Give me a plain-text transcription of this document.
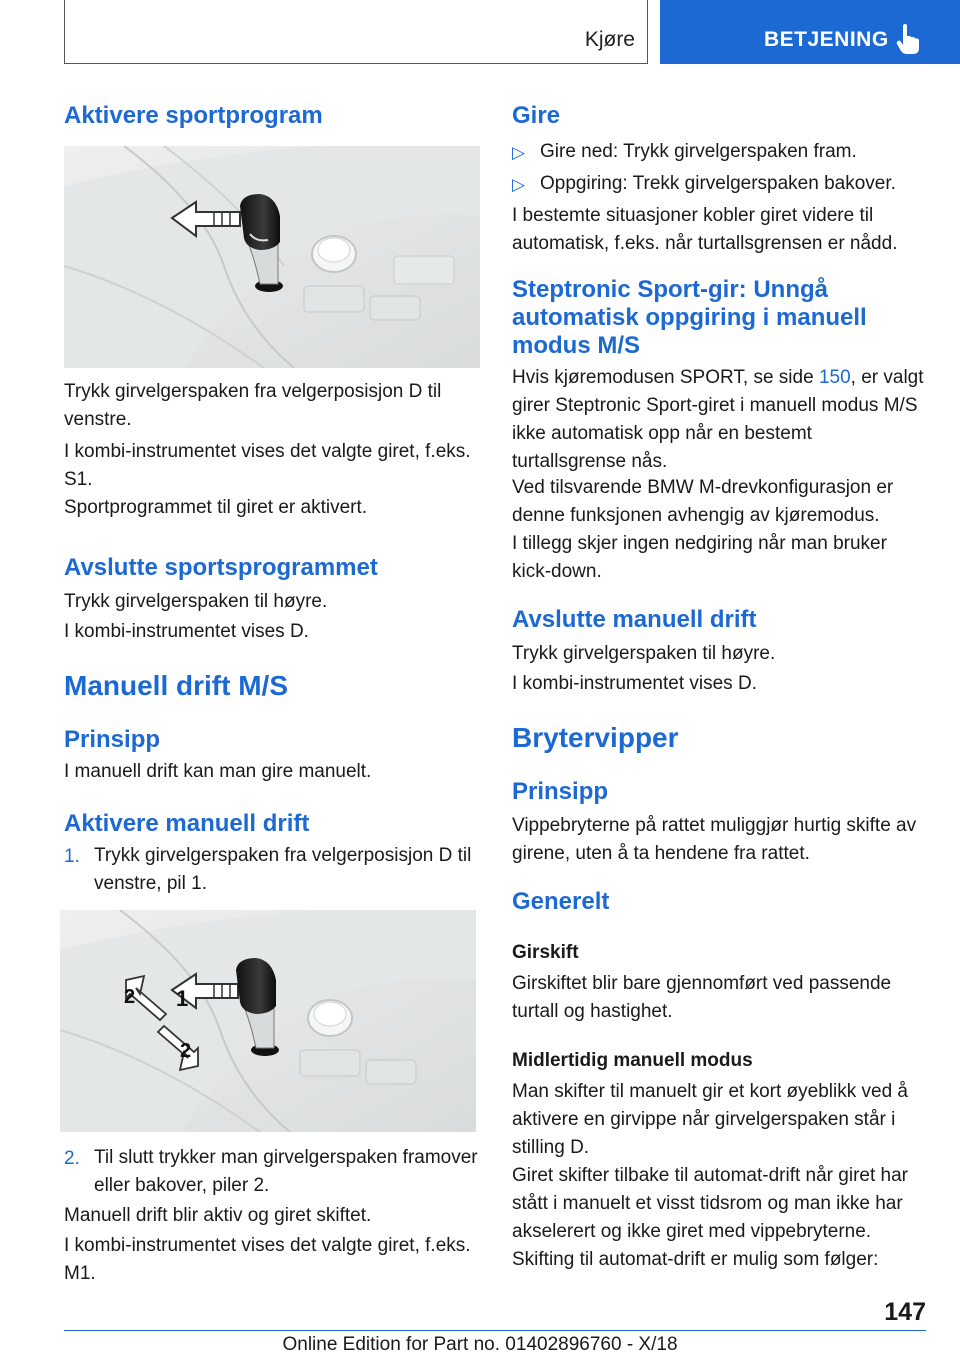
Kjøre	BETJENING
Aktivere sportprogram

Trykk girvelgerspaken fra velgerposisjon D til venstre.

I kombi-instrumentet vises det valgte giret, f.eks. S1.

Sportprogrammet til giret er aktivert.

Avslutte sportsprogrammet

Trykk girvelgerspaken til høyre.

I kombi-instrumentet vises D.

Manuell drift M/S
Prinsipp

I manuell drift kan man gire manuelt.

Aktivere manuell drift
1. Trykk girvelgerspaken fra velgerposisjon D til venstre, pil 1.

1
2
2
2. Til slutt trykker man girvelgerspaken framover eller bakover, piler 2.

Manuell drift blir aktiv og giret skiftet.

I kombi-instrumentet vises det valgte giret, f.eks. M1.

Gire
▷ Gire ned: Trykk girvelgerspaken fram.

▷ Oppgiring: Trekk girvelgerspaken bakover.

I bestemte situasjoner kobler giret videre til automatisk, f.eks. når turtallsgrensen er nådd.

Steptronic Sport-gir: Unngå automatisk oppgiring i manuell modus M/S

Hvis kjøremodusen SPORT, se side 150, er valgt girer Steptronic Sport-giret i manuell modus M/S ikke automatisk opp når en bestemt turtallsgrense nås.

Ved tilsvarende BMW M-drevkonfigurasjon er denne funksjonen avhengig av kjøremodus.

I tillegg skjer ingen nedgiring når man bruker kick-down.

Avslutte manuell drift

Trykk girvelgerspaken til høyre.

I kombi-instrumentet vises D.

Brytervipper
Prinsipp

Vippebryterne på rattet muliggjør hurtig skifte av girene, uten å ta hendene fra rattet.

Generelt

Girskift

Girskiftet blir bare gjennomført ved passende turtall og hastighet.

Midlertidig manuell modus

Man skifter til manuelt gir et kort øyeblikk ved å aktivere en girvippe når girvelgerspaken står i stilling D.

Giret skifter tilbake til automat-drift når giret har stått i manuelt et visst tidsrom og man ikke har akselerert og ikke giret med vippebryterne.

Skifting til automat-drift er mulig som følger:

147
Online Edition for Part no. 01402896760 - X/18
